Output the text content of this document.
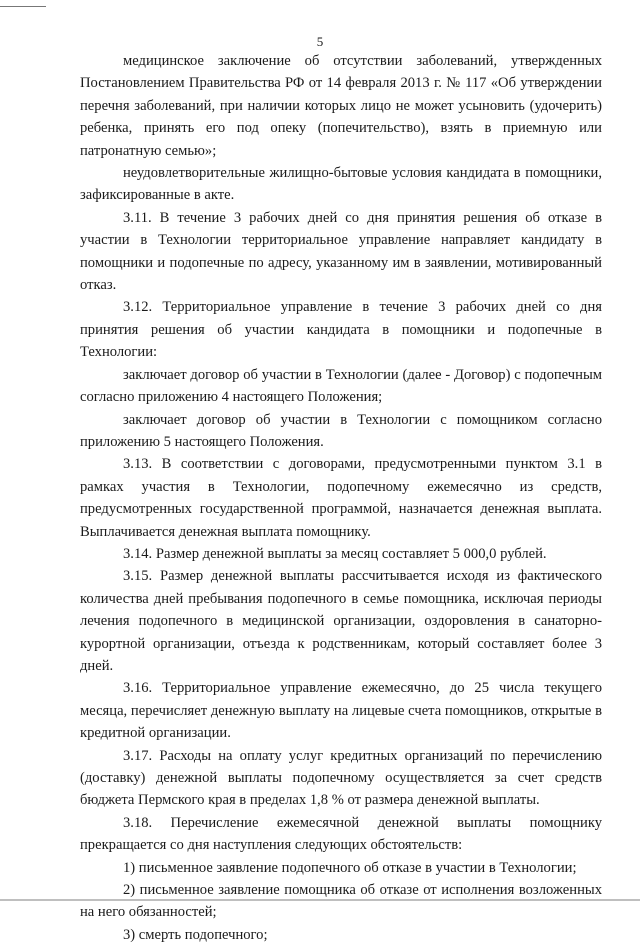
5

медицинское заключение об отсутствии заболеваний, утвержденных Постановлением Правительства РФ от 14 февраля 2013 г. № 117 «Об утверждении перечня заболеваний, при наличии которых лицо не может усыновить (удочерить) ребенка, принять его под опеку (попечительство), взять в приемную или патронатную семью»;

неудовлетворительные жилищно-бытовые условия кандидата в помощники, зафиксированные в акте.

3.11. В течение 3 рабочих дней со дня принятия решения об отказе в участии в Технологии территориальное управление направляет кандидату в помощники и подопечные по адресу, указанному им в заявлении, мотивированный отказ.

3.12. Территориальное управление в течение 3 рабочих дней со дня принятия решения об участии кандидата в помощники и подопечные в Технологии:

заключает договор об участии в Технологии (далее - Договор) с подопечным согласно приложению 4 настоящего Положения;

заключает договор об участии в Технологии с помощником согласно приложению 5 настоящего Положения.

3.13. В соответствии с договорами, предусмотренными пунктом 3.1 в рамках участия в Технологии, подопечному ежемесячно из средств, предусмотренных государственной программой, назначается денежная выплата. Выплачивается денежная выплата помощнику.

3.14. Размер денежной выплаты за месяц составляет 5 000,0 рублей.

3.15. Размер денежной выплаты рассчитывается исходя из фактического количества дней пребывания подопечного в семье помощника, исключая периоды лечения подопечного в медицинской организации, оздоровления в санаторно-курортной организации, отъезда к родственникам, который составляет более 3 дней.

3.16. Территориальное управление ежемесячно, до 25 числа текущего месяца, перечисляет денежную выплату на лицевые счета помощников, открытые в кредитной организации.

3.17. Расходы на оплату услуг кредитных организаций по перечислению (доставку) денежной выплаты подопечному осуществляется за счет средств бюджета Пермского края в пределах 1,8 % от размера денежной выплаты.

3.18. Перечисление ежемесячной денежной выплаты помощнику прекращается со дня наступления следующих обстоятельств:

1) письменное заявление подопечного об отказе в участии в Технологии;

2) письменное заявление помощника об отказе от исполнения возложенных на него обязанностей;

3) смерть подопечного;
